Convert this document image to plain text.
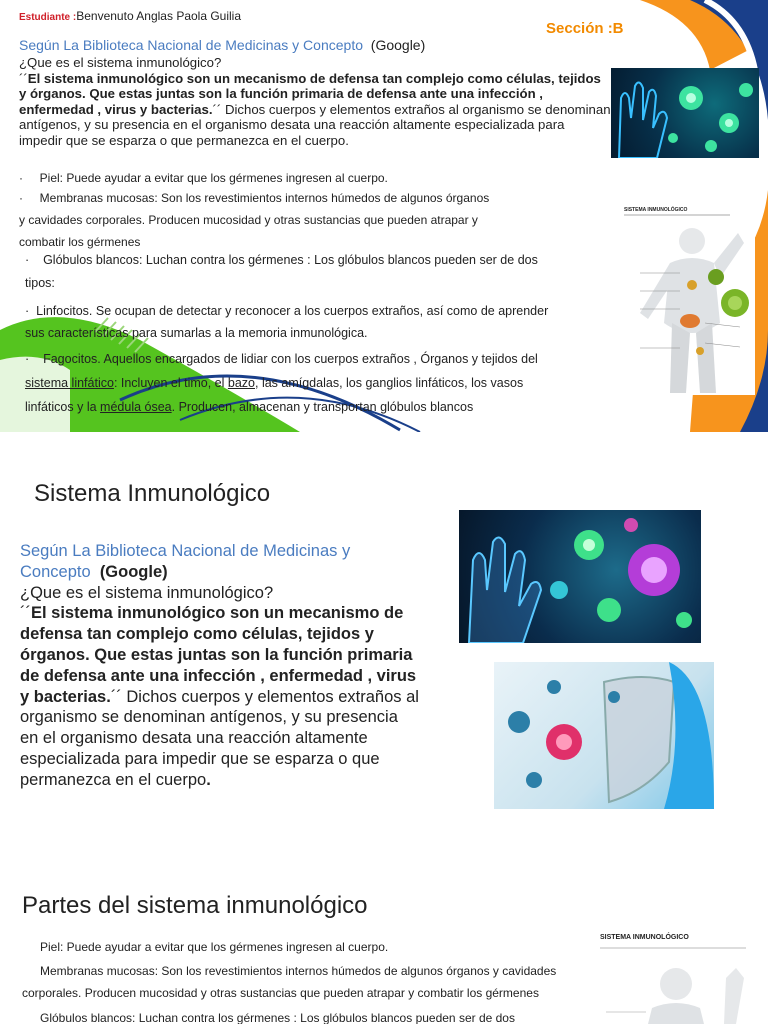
Estudiante :Benvenuto Anglas Paola Guilia
Sección :B
Según La Biblioteca Nacional de Medicinas y Concepto (Google)
¿Que es el sistema inmunológico?
´´El sistema inmunológico son un mecanismo de defensa tan complejo como células, tejidos y órganos. Que estas juntas son la función primaria de defensa ante una infección , enfermedad , virus y bacterias.´´ Dichos cuerpos y elementos extraños al organismo se denominan antígenos, y su presencia en el organismo desata una reacción altamente especializada para impedir que se esparza o que permanezca en el cuerpo.
· Piel: Puede ayudar a evitar que los gérmenes ingresen al cuerpo.
· Membranas mucosas: Son los revestimientos internos húmedos de algunos órganos
y cavidades corporales. Producen mucosidad y otras sustancias que pueden atrapar y
combatir los gérmenes
· Glóbulos blancos: Luchan contra los gérmenes : Los glóbulos blancos pueden ser de dos
tipos:
· Linfocitos. Se ocupan de detectar y reconocer a los cuerpos extraños, así como de aprender
sus características para sumarlas a la memoria inmunológica.
· Fagocitos. Aquellos encargados de lidiar con los cuerpos extraños , Órganos y tejidos del
sistema linfático: Incluyen el timo, el bazo, las amígdalas, los ganglios linfáticos, los vasos
linfáticos y la médula ósea. Producen, almacenan y transportan glóbulos blancos
SISTEMA INMUNOLÓGICO
Sistema Inmunológico
Según La Biblioteca Nacional de Medicinas y Concepto (Google)
¿Que es el sistema inmunológico?
´´El sistema inmunológico son un mecanismo de defensa tan complejo como células, tejidos y órganos. Que estas juntas son la función primaria de defensa ante una infección , enfermedad , virus y bacterias.´´ Dichos cuerpos y elementos extraños al organismo se denominan antígenos, y su presencia en el organismo desata una reacción altamente especializada para impedir que se esparza o que permanezca en el cuerpo.
Partes del sistema inmunológico
Piel: Puede ayudar a evitar que los gérmenes ingresen al cuerpo.
Membranas mucosas: Son los revestimientos internos húmedos de algunos órganos y cavidades
corporales. Producen mucosidad y otras sustancias que pueden atrapar y combatir los gérmenes
Glóbulos blancos: Luchan contra los gérmenes : Los glóbulos blancos pueden ser de dos
SISTEMA INMUNOLÓGICO
